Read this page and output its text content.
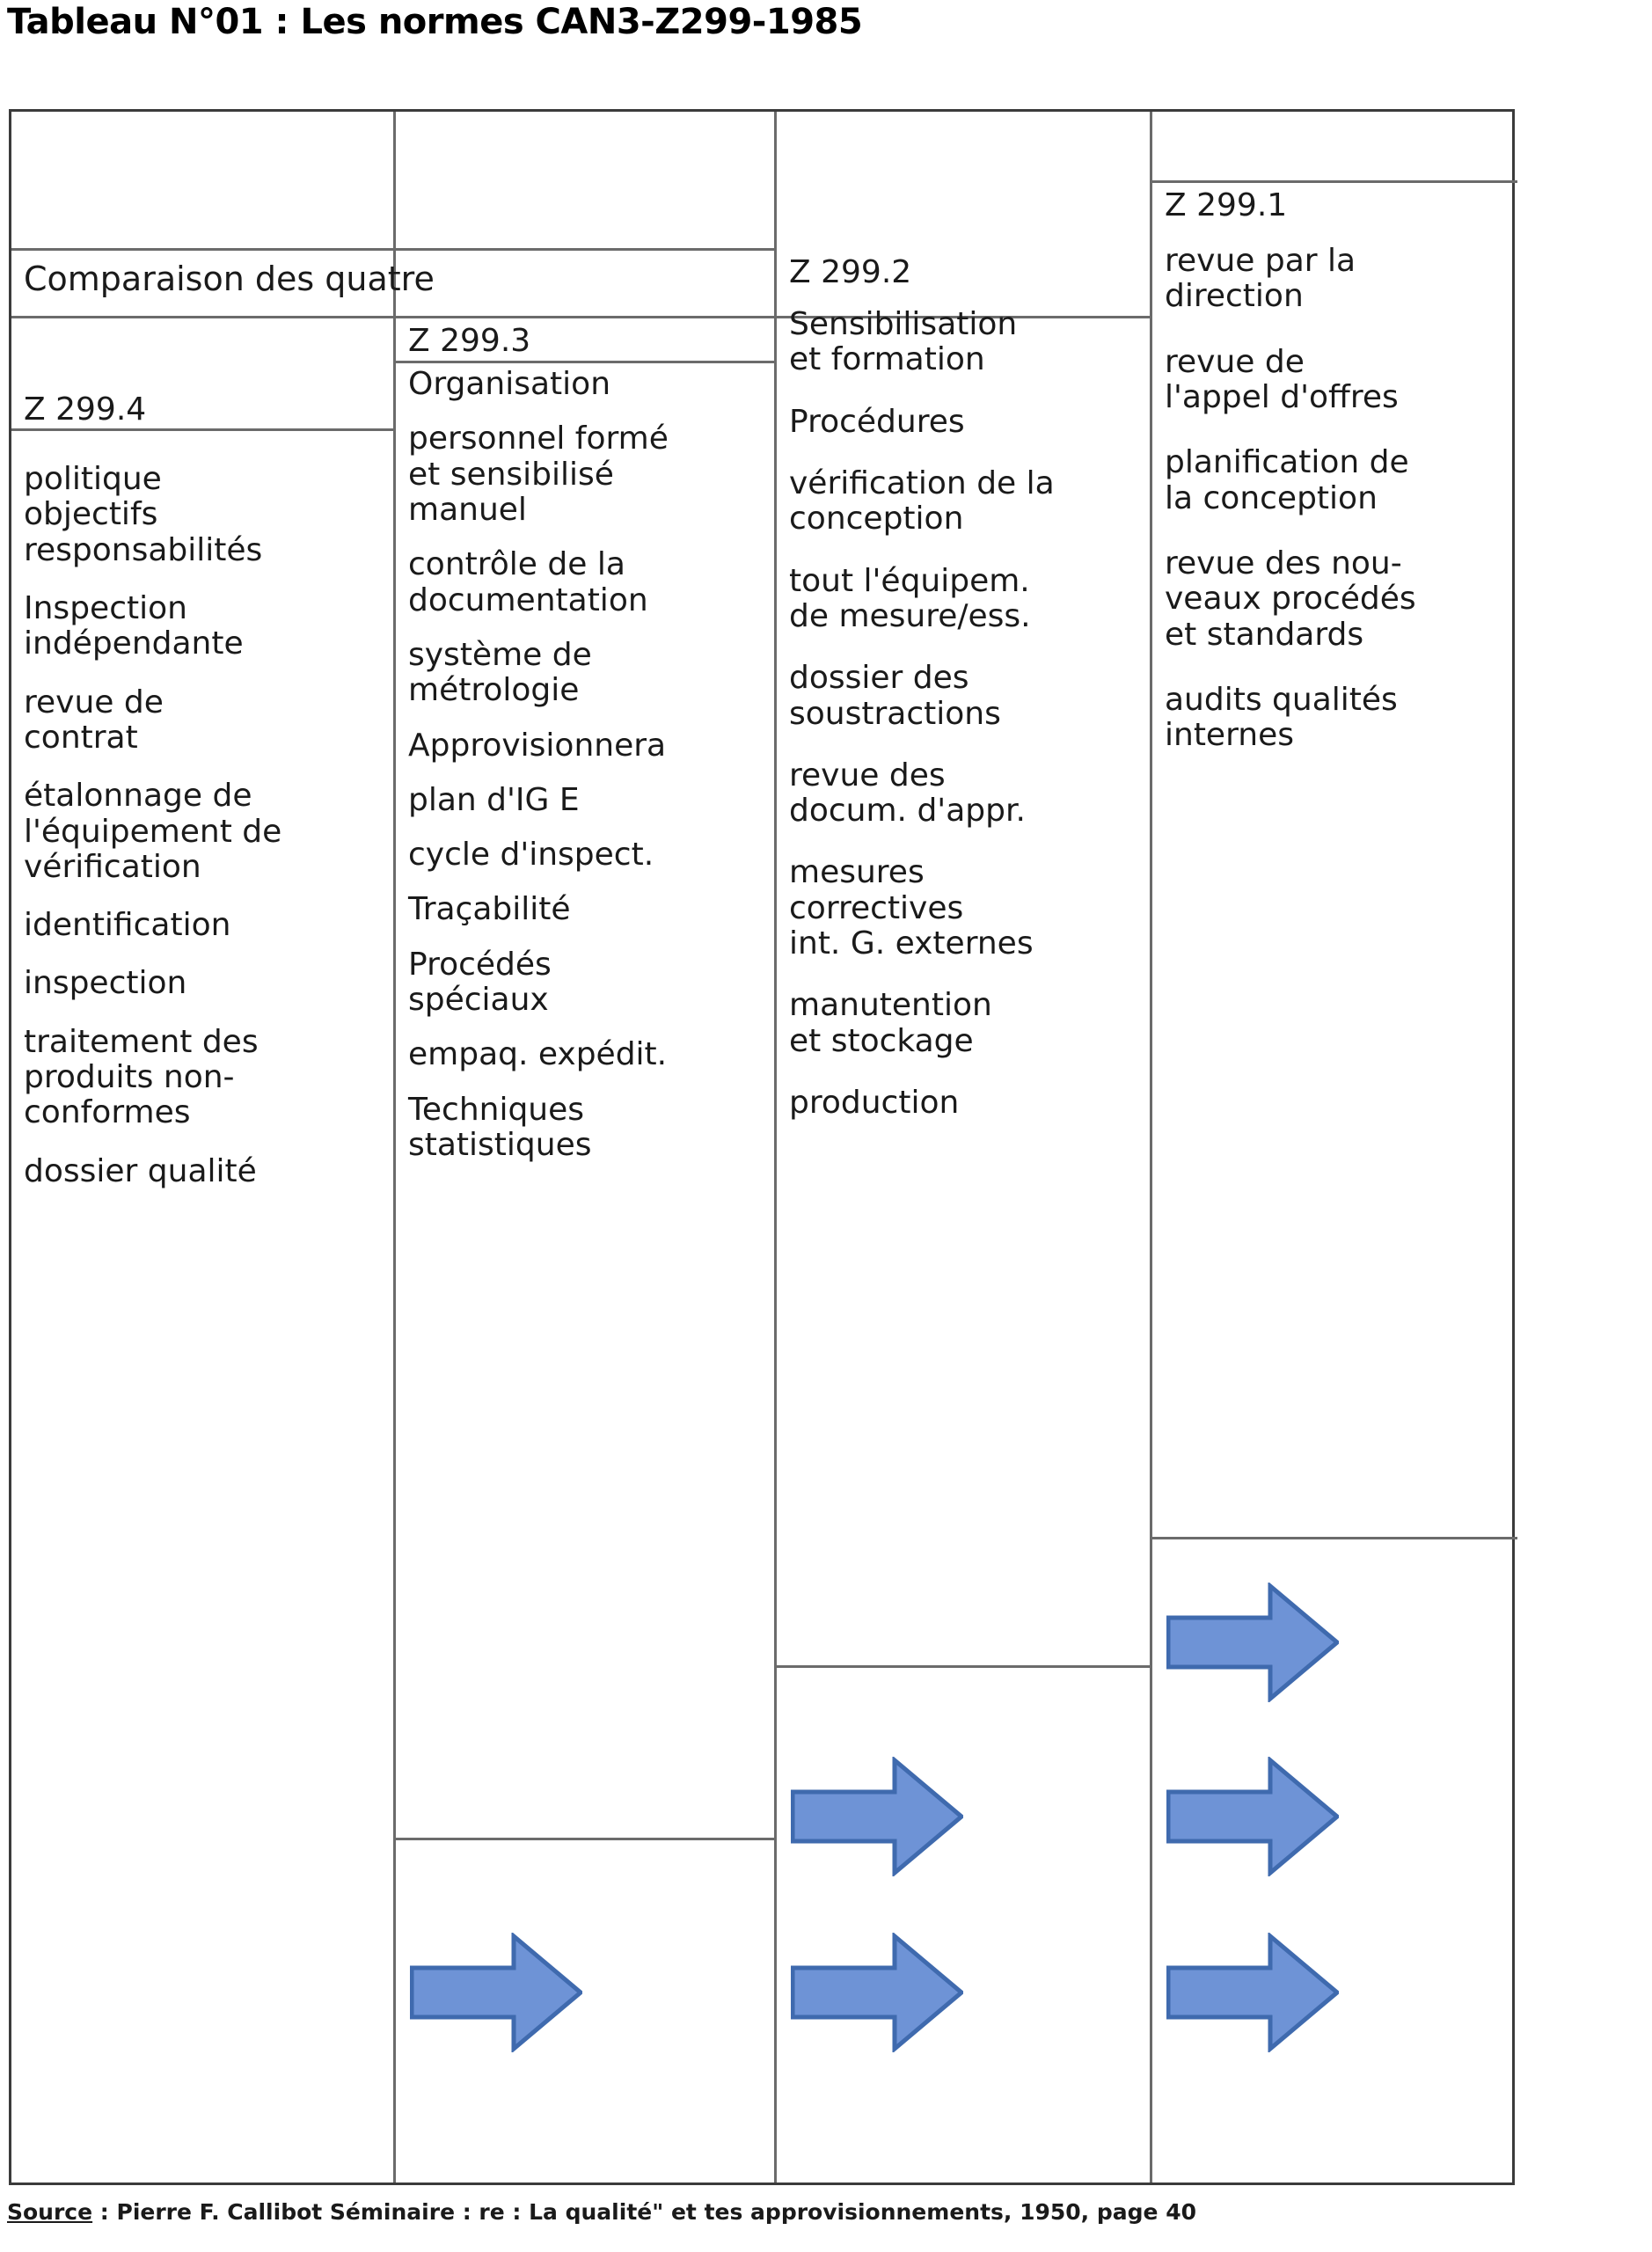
Tableau N°01 : Les normes CAN3-Z299-1985
Comparaison des quatre
Z 299.4
politique
objectifs
responsabilités
Inspection
indépendante
revue de
contrat
étalonnage de
l'équipement de
vérification
identification
inspection
traitement des
produits non-
conformes
dossier qualité
Z 299.3
Organisation
personnel formé
et sensibilisé
manuel
contrôle de la
documentation
système de
métrologie
Approvisionnera
plan d'IG E
cycle d'inspect.
Traçabilité
Procédés
spéciaux
empaq. expédit.
Techniques
statistiques
Z 299.2
Sensibilisation
et formation
Procédures
vérification de la
conception
tout l'équipem.
de mesure/ess.
dossier des
soustractions
revue des
docum. d'appr.
mesures
correctives
int. G. externes
manutention
et stockage
production
Z 299.1
revue par la
direction
revue de
l'appel d'offres
planification de
la conception
revue des nou-
veaux procédés
et standards
audits qualités
internes
Source : Pierre F. Callibot Séminaire : re : La qualité" et tes approvisionnements, 1950, page 40
